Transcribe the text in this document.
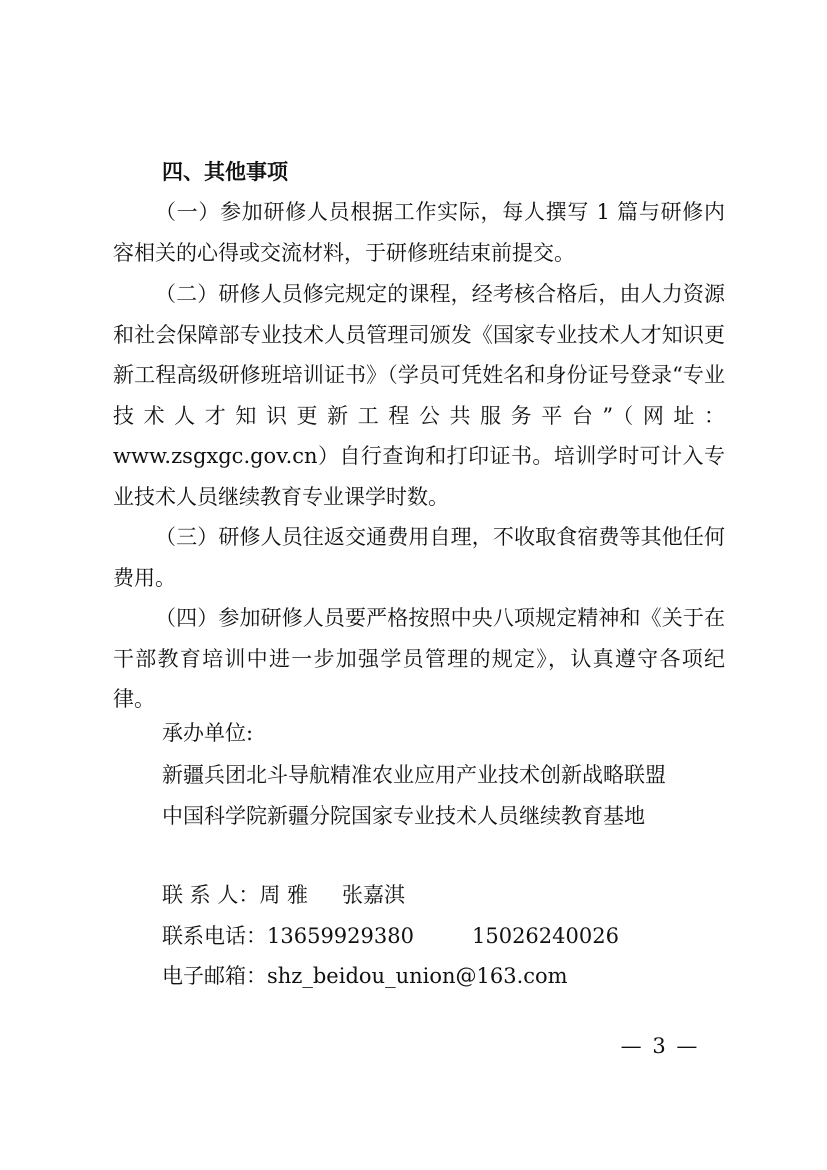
四、其他事项

（一）参加研修人员根据工作实际，每人撰写 1 篇与研修内容相关的心得或交流材料，于研修班结束前提交。

（二）研修人员修完规定的课程，经考核合格后，由人力资源和社会保障部专业技术人员管理司颁发《国家专业技术人才知识更新工程高级研修班培训证书》（学员可凭姓名和身份证号登录“专业技术人才知识更新工程公共服务平台”（网址：www.zsgxgc.gov.cn）自行查询和打印证书。培训学时可计入专业技术人员继续教育专业课学时数。

（三）研修人员往返交通费用自理，不收取食宿费等其他任何费用。

（四）参加研修人员要严格按照中央八项规定精神和《关于在干部教育培训中进一步加强学员管理的规定》，认真遵守各项纪律。

承办单位:
新疆兵团北斗导航精准农业应用产业技术创新战略联盟
中国科学院新疆分院国家专业技术人员继续教育基地
联 系 人：周 雅 张嘉淇
联系电话：13659929380	15026240026
电子邮箱：shz_beidou_union@163.com
— 3 —
